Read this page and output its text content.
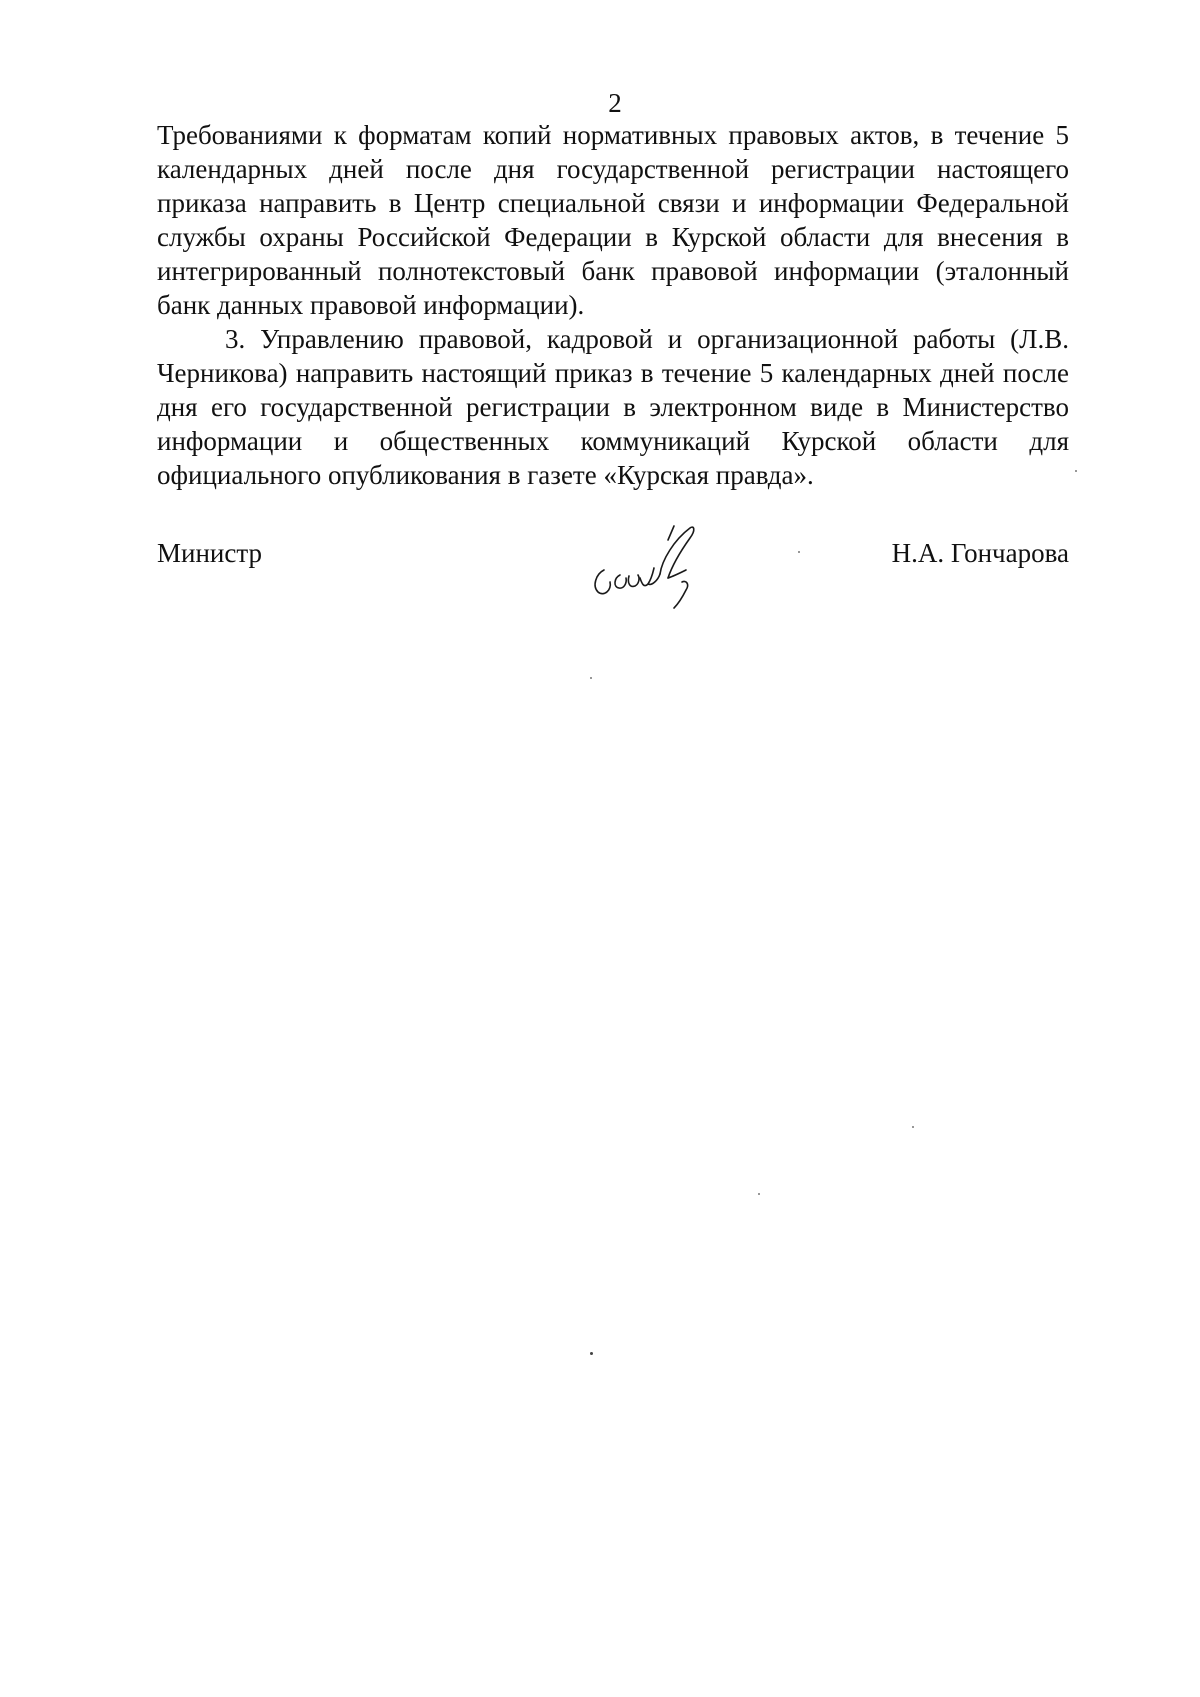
2

Требованиями к форматам копий нормативных правовых актов, в течение 5 календарных дней после дня государственной регистрации настоящего приказа направить в Центр специальной связи и информации Федеральной службы охраны Российской Федерации в Курской области для внесения в интегрированный полнотекстовый банк правовой информации (эталонный банк данных правовой информации).

3. Управлению правовой, кадровой и организационной работы (Л.В. Черникова) направить настоящий приказ в течение 5 календарных дней после дня его государственной регистрации в электронном виде в Министерство информации и общественных коммуникаций Курской области для официального опубликования в газете «Курская правда».

Министр	Н.А. Гончарова
